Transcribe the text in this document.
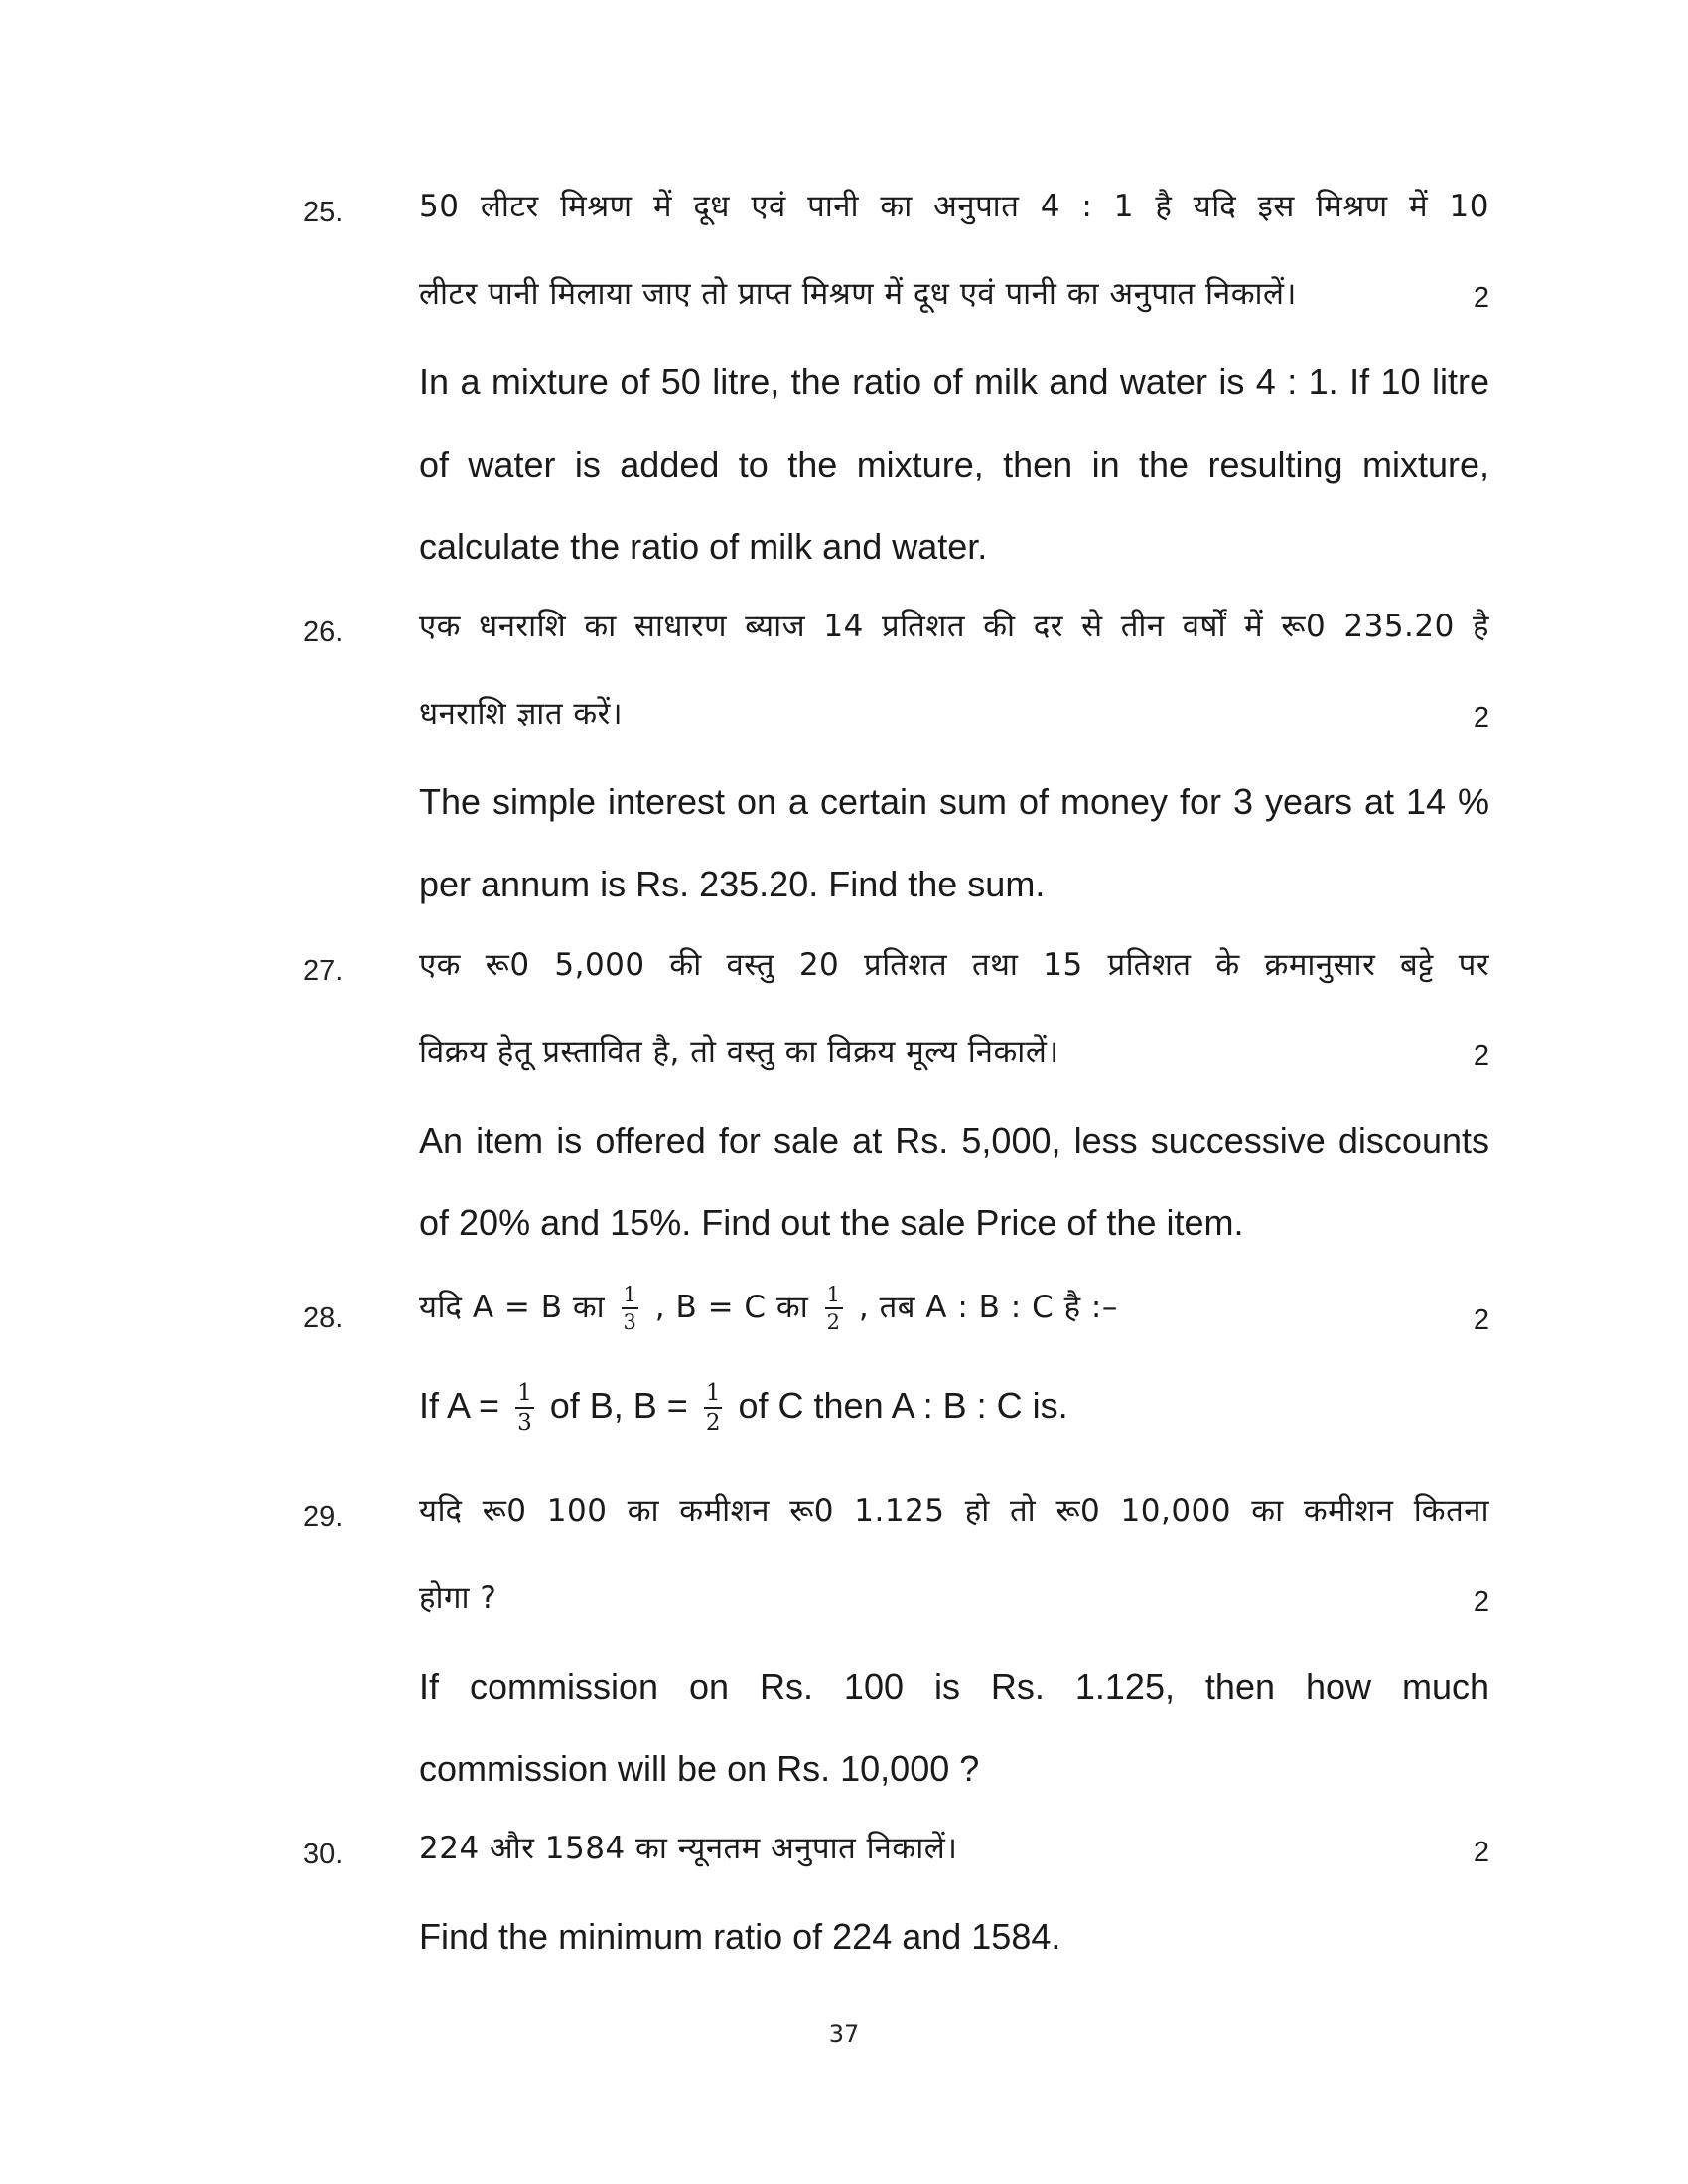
25. 50 लीटर मिश्रण में दूध एवं पानी का अनुपात 4 : 1 है यदि इस मिश्रण में 10
लीटर पानी मिलाया जाए तो प्राप्त मिश्रण में दूध एवं पानी का अनुपात निकालें।	2
In a mixture of 50 litre, the ratio of milk and water is 4 : 1. If 10 litre
of water is added to the mixture, then in the resulting mixture,
calculate the ratio of milk and water.
26. एक धनराशि का साधारण ब्याज 14 प्रतिशत की दर से तीन वर्षों में रू0 235.20 है
धनराशि ज्ञात करें।	2
The simple interest on a certain sum of money for 3 years at 14 %
per annum is Rs. 235.20. Find the sum.
27. एक रू0 5,000 की वस्तु 20 प्रतिशत तथा 15 प्रतिशत के क्रमानुसार बट्टे पर
विक्रय हेतू प्रस्तावित है, तो वस्तु का विक्रय मूल्य निकालें।	2
An item is offered for sale at Rs. 5,000, less successive discounts
of 20% and 15%. Find out the sale Price of the item.
28. यदि A = B का $\frac{1}{3}$ , B = C का $\frac{1}{2}$ , तब A : B : C है :–	2
If $A = \frac{1}{3}$ of B, $B = \frac{1}{2}$ of C then A : B : C is.
29. यदि रू0 100 का कमीशन रू0 1.125 हो तो रू0 10,000 का कमीशन कितना
होगा ?	2
If commission on Rs. 100 is Rs. 1.125, then how much
commission will be on Rs. 10,000 ?
30. 224 और 1584 का न्यूनतम अनुपात निकालें।	2
Find the minimum ratio of 224 and 1584.
37
